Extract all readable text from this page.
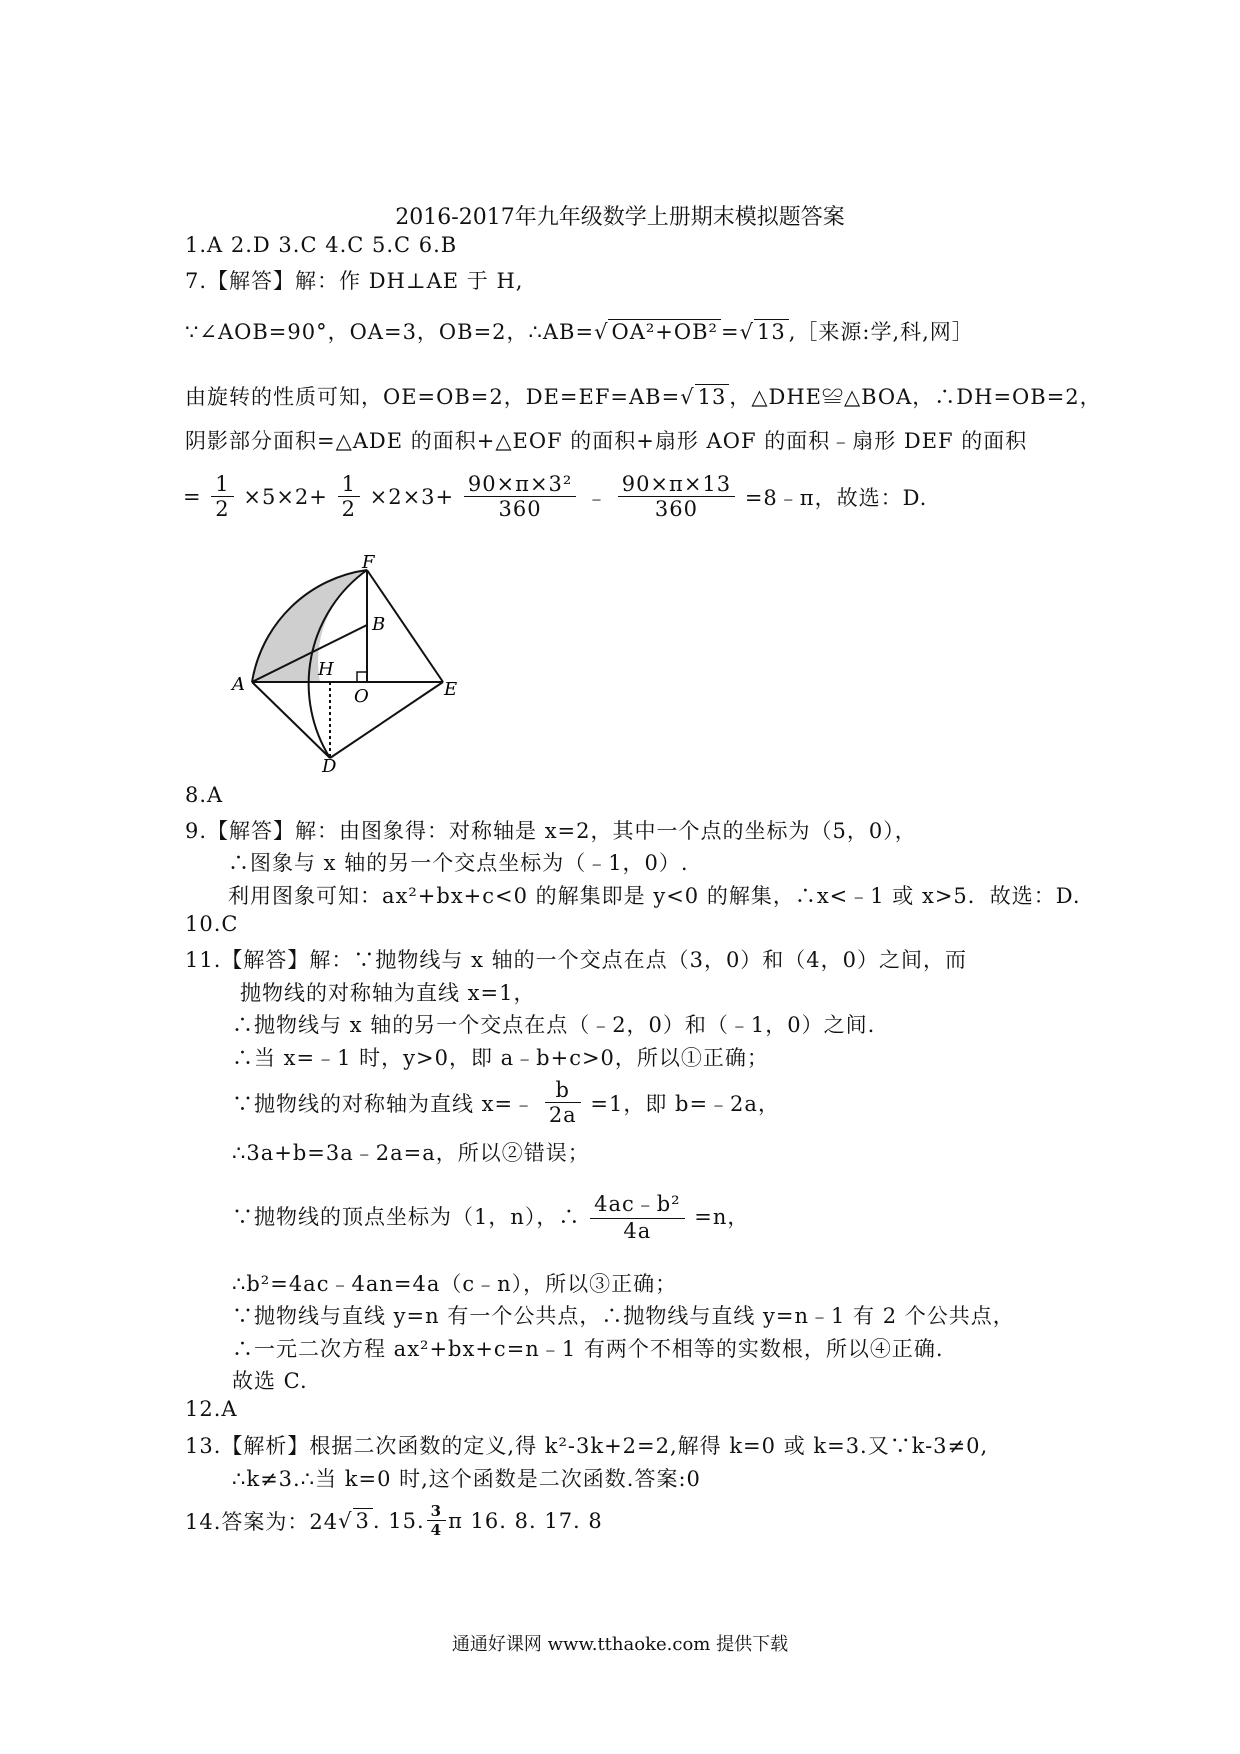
2016-2017年九年级数学上册期末模拟题答案
1.A 2.D 3.C 4.C 5.C 6.B
7.【解答】解：作 DH⊥AE 于 H,
∵∠AOB=90°，OA=3，OB=2，∴AB=√ OA²+OB² =√ 13 ,［来源:学,科,网］
由旋转的性质可知，OE=OB=2，DE=EF=AB=√ 13 ，△DHE≌△BOA，∴DH=OB=2，
阴影部分面积=△ADE 的面积+△EOF 的面积+扇形 AOF 的面积﹣扇形 DEF 的面积
= $\frac{1}{2} \times 5\times 2+ \frac{1}{2} \times 2\times 3+ \frac{\text{90×π×3²}}{360}$ ﹣ $\frac{90\times\pi\times 13}{360}$ =8﹣π，故选：D.
F
B
A
H
O	E
D
8.A
9.【解答】解：由图象得：对称轴是 x=2，其中一个点的坐标为（5，0），
∴图象与 x 轴的另一个交点坐标为（﹣1，0）.
利用图象可知：ax²+bx+c<0 的解集即是 y<0 的解集，∴x<﹣1 或 x>5．故选：D.
10.C
11.【解答】解：∵抛物线与 x 轴的一个交点在点（3，0）和（4，0）之间，而
抛物线的对称轴为直线 x=1，
∴抛物线与 x 轴的另一个交点在点（﹣2，0）和（﹣1，0）之间.
∴当 x=﹣1 时，y>0，即 a﹣b+c>0，所以①正确；
∵抛物线的对称轴为直线 x=﹣ $\frac{b}{2a} =1$，即 b=﹣2a，
∴3a+b=3a﹣2a=a，所以②错误；
∵抛物线的顶点坐标为（1，n），∴ $\frac{\text{4ac﹣b²}}{4a} =n$，
∴b²=4ac﹣4an=4a（c﹣n），所以③正确；
∵抛物线与直线 y=n 有一个公共点，∴抛物线与直线 y=n﹣1 有 2 个公共点，
∴一元二次方程 ax²+bx+c=n﹣1 有两个不相等的实数根，所以④正确.
故选 C.
12.A
13.【解析】根据二次函数的定义,得 k²-3k+2=2,解得 k=0 或 k=3.又∵k-3≠0,
∴k≠3.∴当 k=0 时,这个函数是二次函数.答案:0
14.答案为：24√ 3 . 15. $\frac{3}{4}$ π 16. 8. 17. 8
通通好课网 www.tthaoke.com 提供下载
